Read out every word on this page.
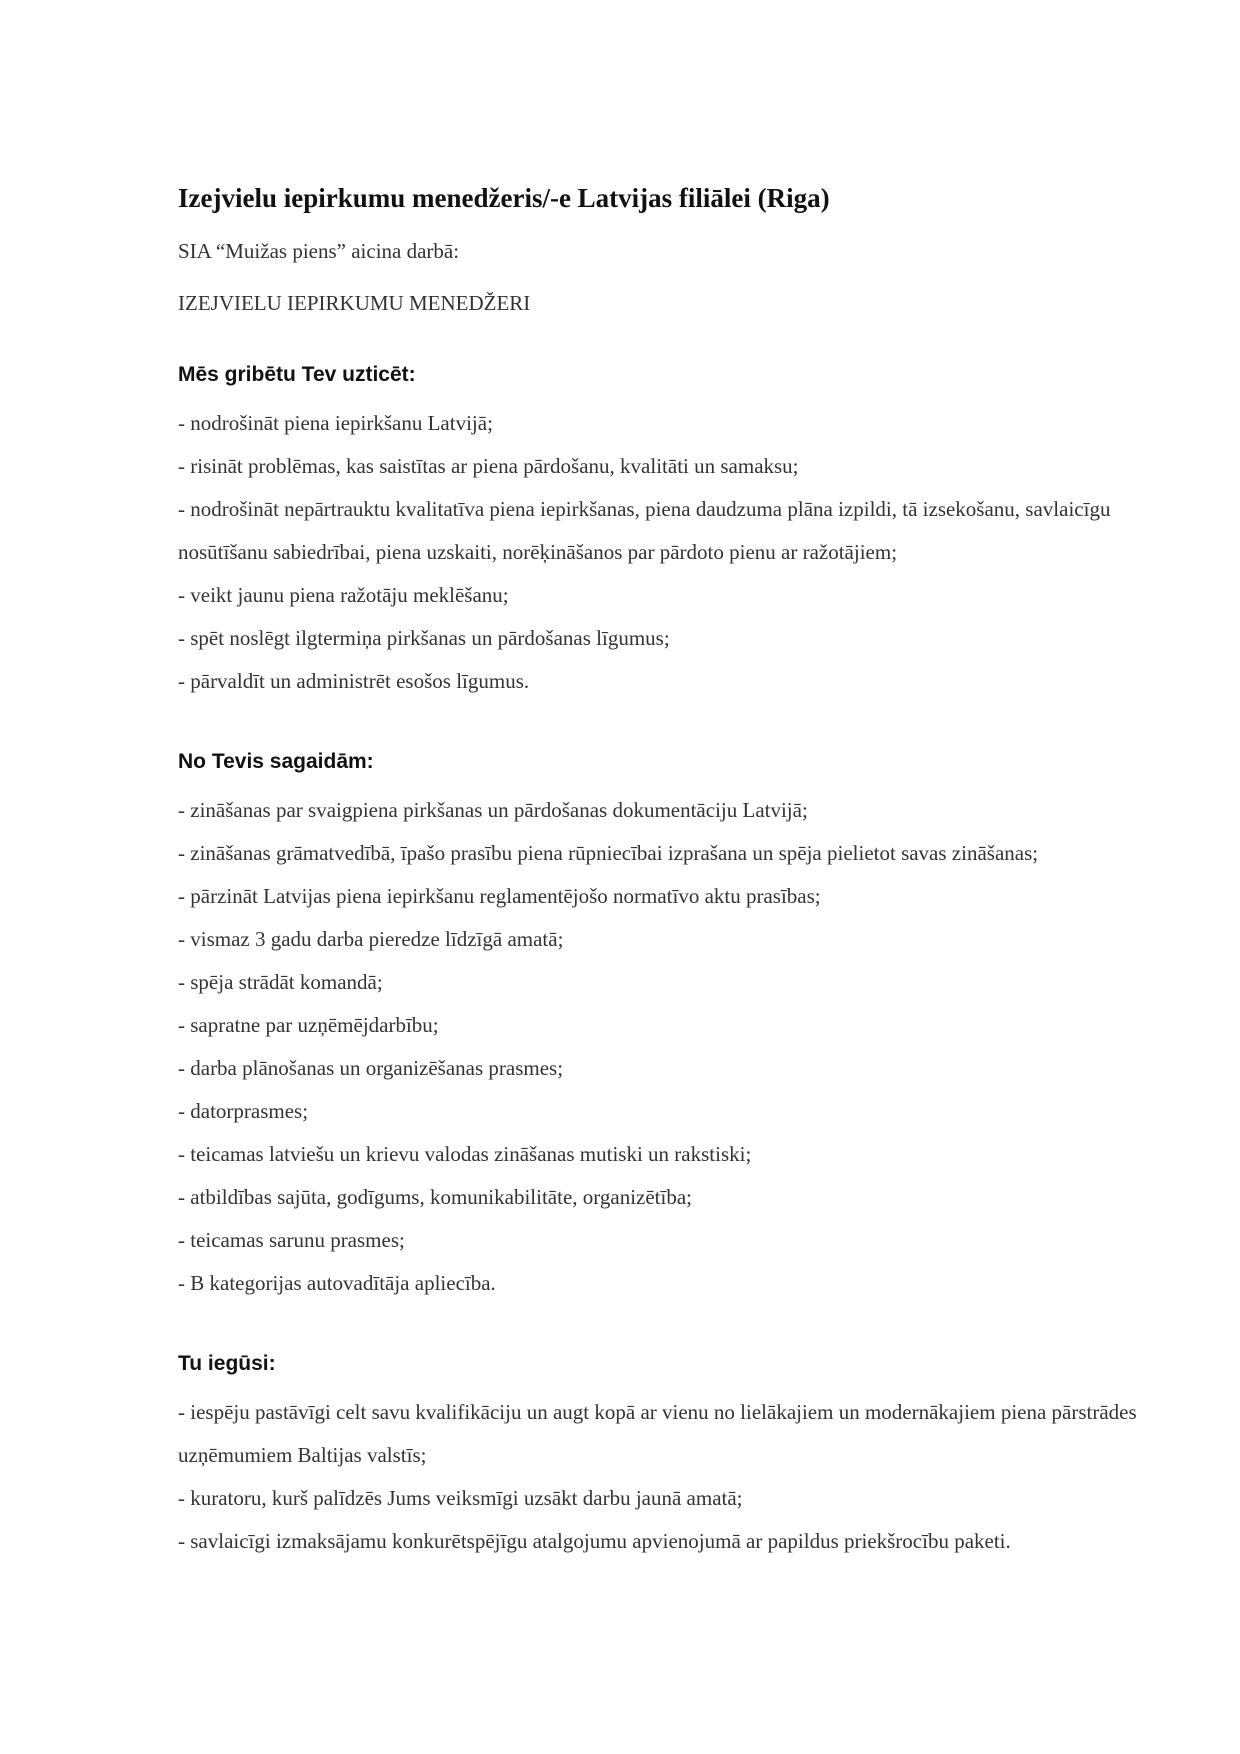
Izejvielu iepirkumu menedžeris/-e Latvijas filiālei (Riga)

SIA “Muižas piens” aicina darbā:

IZEJVIELU IEPIRKUMU MENEDŽERI

Mēs gribētu Tev uzticēt:

- nodrošināt piena iepirkšanu Latvijā;

- risināt problēmas, kas saistītas ar piena pārdošanu, kvalitāti un samaksu;

- nodrošināt nepārtrauktu kvalitatīva piena iepirkšanas, piena daudzuma plāna izpildi, tā izsekošanu, savlaicīgu nosūtīšanu sabiedrībai, piena uzskaiti, norēķināšanos par pārdoto pienu ar ražotājiem;

- veikt jaunu piena ražotāju meklēšanu;

- spēt noslēgt ilgtermiņa pirkšanas un pārdošanas līgumus;

- pārvaldīt un administrēt esošos līgumus.

No Tevis sagaidām:

- zināšanas par svaigpiena pirkšanas un pārdošanas dokumentāciju Latvijā;

- zināšanas grāmatvedībā, īpašo prasību piena rūpniecībai izprašana un spēja pielietot savas zināšanas;

- pārzināt Latvijas piena iepirkšanu reglamentējošo normatīvo aktu prasības;

- vismaz 3 gadu darba pieredze līdzīgā amatā;

- spēja strādāt komandā;

- sapratne par uzņēmējdarbību;

- darba plānošanas un organizēšanas prasmes;

- datorprasmes;

- teicamas latviešu un krievu valodas zināšanas mutiski un rakstiski;

- atbildības sajūta, godīgums, komunikabilitāte, organizētība;

- teicamas sarunu prasmes;

- B kategorijas autovadītāja apliecība.

Tu iegūsi:

- iespēju pastāvīgi celt savu kvalifikāciju un augt kopā ar vienu no lielākajiem un modernākajiem piena pārstrādes uzņēmumiem Baltijas valstīs;

- kuratoru, kurš palīdzēs Jums veiksmīgi uzsākt darbu jaunā amatā;

- savlaicīgi izmaksājamu konkurētspējīgu atalgojumu apvienojumā ar papildus priekšrocību paketi.
